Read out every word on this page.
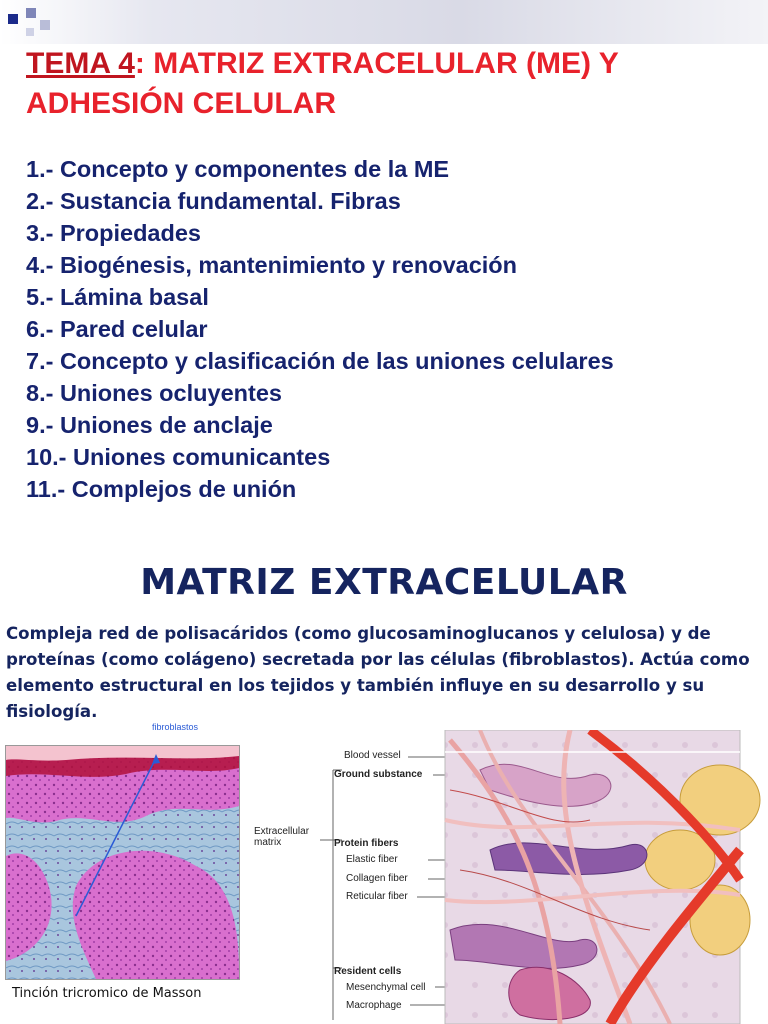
TEMA 4: MATRIZ EXTRACELULAR (ME) Y ADHESIÓN CELULAR
1.- Concepto y componentes de la ME
2.- Sustancia fundamental. Fibras
3.- Propiedades
4.- Biogénesis, mantenimiento y renovación
5.- Lámina basal
6.- Pared celular
7.- Concepto y clasificación de las uniones celulares
8.- Uniones ocluyentes
9.- Uniones de anclaje
10.- Uniones comunicantes
11.- Complejos de unión
MATRIZ EXTRACELULAR
Compleja red de polisacáridos (como glucosaminoglucanos y celulosa) y de proteínas (como colágeno) secretada por las células (fibroblastos). Actúa como elemento estructural en los tejidos y también influye en su desarrollo y su fisiología.
fibroblastos
Tinción tricromico de Masson
Blood vessel
Ground substance
Extracellular matrix	Protein fibers
Elastic fiber
Collagen fiber
Reticular fiber
Resident cells
Mesenchymal cell
Macrophage
